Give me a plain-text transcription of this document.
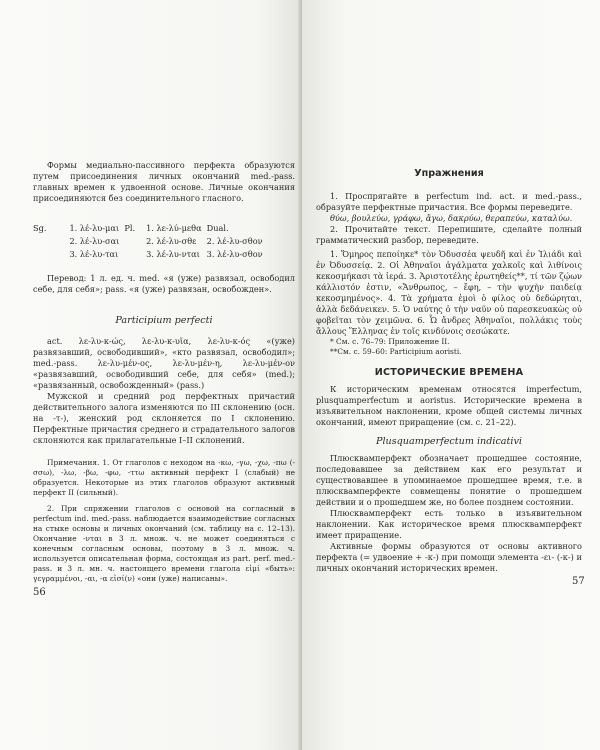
Формы медиально-пассивного перфекта образуются путем присоединения личных окончаний med.-pass. главных времен к удвоенной основе. Личные окончания присоединяются без соединительного гласного.

Sg.	1. λέ-λυ-μαι	Pl.	1. λε-λύ-μεθα	Dual.
	2. λέ-λυ-σαι		2. λέ-λυ-σθε	2. λέ-λυ-σθον
	3. λέ-λυ-ται		3. λέ-λυ-νται	3. λέ-λυ-σθον

Перевод: 1 л. ед. ч. med. «я (уже) развязал, освободил себе, для себя»; pass. «я (уже) развязан, освобожден».

Participium perfecti

act. λε-λυ-κ-ώς, λε-λυ-κ-υῖα, λε-λυ-κ-ός «(уже) развязавший, освободивший», «кто развязал, освободил»; med.-pass. λε-λυ-μέν-ος, λε-λυ-μέν-η, λε-λυ-μέν-ον «развязавший, освободивший себе, для себя» (med.); «развязанный, освобожденный» (pass.)

Мужской и средний род перфектных причастий действительного залога изменяются по III склонению (осн. на -τ-), женский род склоняется по I склонению. Перфектные причастия среднего и страдательного залогов склоняются как прилагательные I–II склонений.

Примечания. 1. От глаголов с неходом на -κω, -γω, -χω, -πω (-σσω), -λω, -βω, -φω, -ττω активный перфект I (слабый) не образуется. Некоторые из этих глаголов образуют активный перфект II (сильный).

2. При спряжении глаголов с основой на согласный в perfectum ind. med.-pass. наблюдается взаимодействие согласных на стыке основы и личных окончаний (см. таблицу на с. 12–13). Окончание -νται в 3 л. множ. ч. не может соединяться с конечным согласным основы, поэтому в 3 л. множ. ч. используется описательная форма, состоящая из part. perf. med.-pass. и 3 л. мн. ч. настоящего времени глагола εἰμί «быть»: γεγραμμένοι, -αι, -α εἰσί(ν) «они (уже) написаны».

56
Упражнения

1. Проспрягайте в perfectum ind. act. и med.-pass., образуйте перфектные причастия. Все формы переведите.

θύω, βουλεύω, γράφω, ἄγω, δακρύω, θεραπεύω, καταλύω.

2. Прочитайте текст. Перепишите, сделайте полный грамматический разбор, переведите.

1. Ὅμηρος πεποίηκε* τὸν Ὀδυσσέα ψευδῆ καὶ ἐν Ἰλιάδι καὶ ἐν Ὀδυσσείᾳ. 2. Οἱ Ἀθηναῖοι ἀγάλματα χαλκοῖς καὶ λιθίνοις κεκοσμήκασι τὰ ἱερά. 3. Ἀριστοτέλης ἐρωτηθείς**, τί τῶν ζῴων κάλλιστόν ἐστιν, «Ἄνθρωπος, – ἔφη, – τὴν ψυχὴν παιδείᾳ κεκοσμημένος». 4. Τὰ χρήματα ἐμοὶ ὁ φίλος οὐ δεδώρηται, ἀλλὰ δεδάνεικεν. 5. Ὁ ναύτης ὁ τὴν ναῦν οὐ παρεσκευακὼς οὐ φοβεῖται τὸν χειμῶνα. 6. Ὦ ἄνδρες Ἀθηναῖοι, πολλάκις τοὺς ἄλλους Ἕλληνας ἐν τοῖς κινδύνοις σεσώκατε.

* См. с. 76–79: Приложение II.

**См. с. 59–60: Participium aoristi.

ИСТОРИЧЕСКИЕ ВРЕМЕНА

К историческим временам относятся imperfectum, plusquamperfectum и aoristus. Исторические времена в изъявительном наклонении, кроме общей системы личных окончаний, имеют приращение (см. с. 21–22).

Plusquamperfectum indicativi

Плюсквамперфект обозначает прошедшее состояние, последовавшее за действием как его результат и существовавшее в упоминаемое прошедшее время, т.е. в плюсквамперфекте совмещены понятие о прошедшем действии и о прошедшем же, но более позднем состоянии.

Плюсквамперфект есть только в изъявительном наклонении. Как историческое время плюсквамперфект имеет приращение.

Активные формы образуются от основы активного перфекта (= удвоение + -κ-) при помощи элемента -ει- (-κ-) и личных окончаний исторических времен.

57
